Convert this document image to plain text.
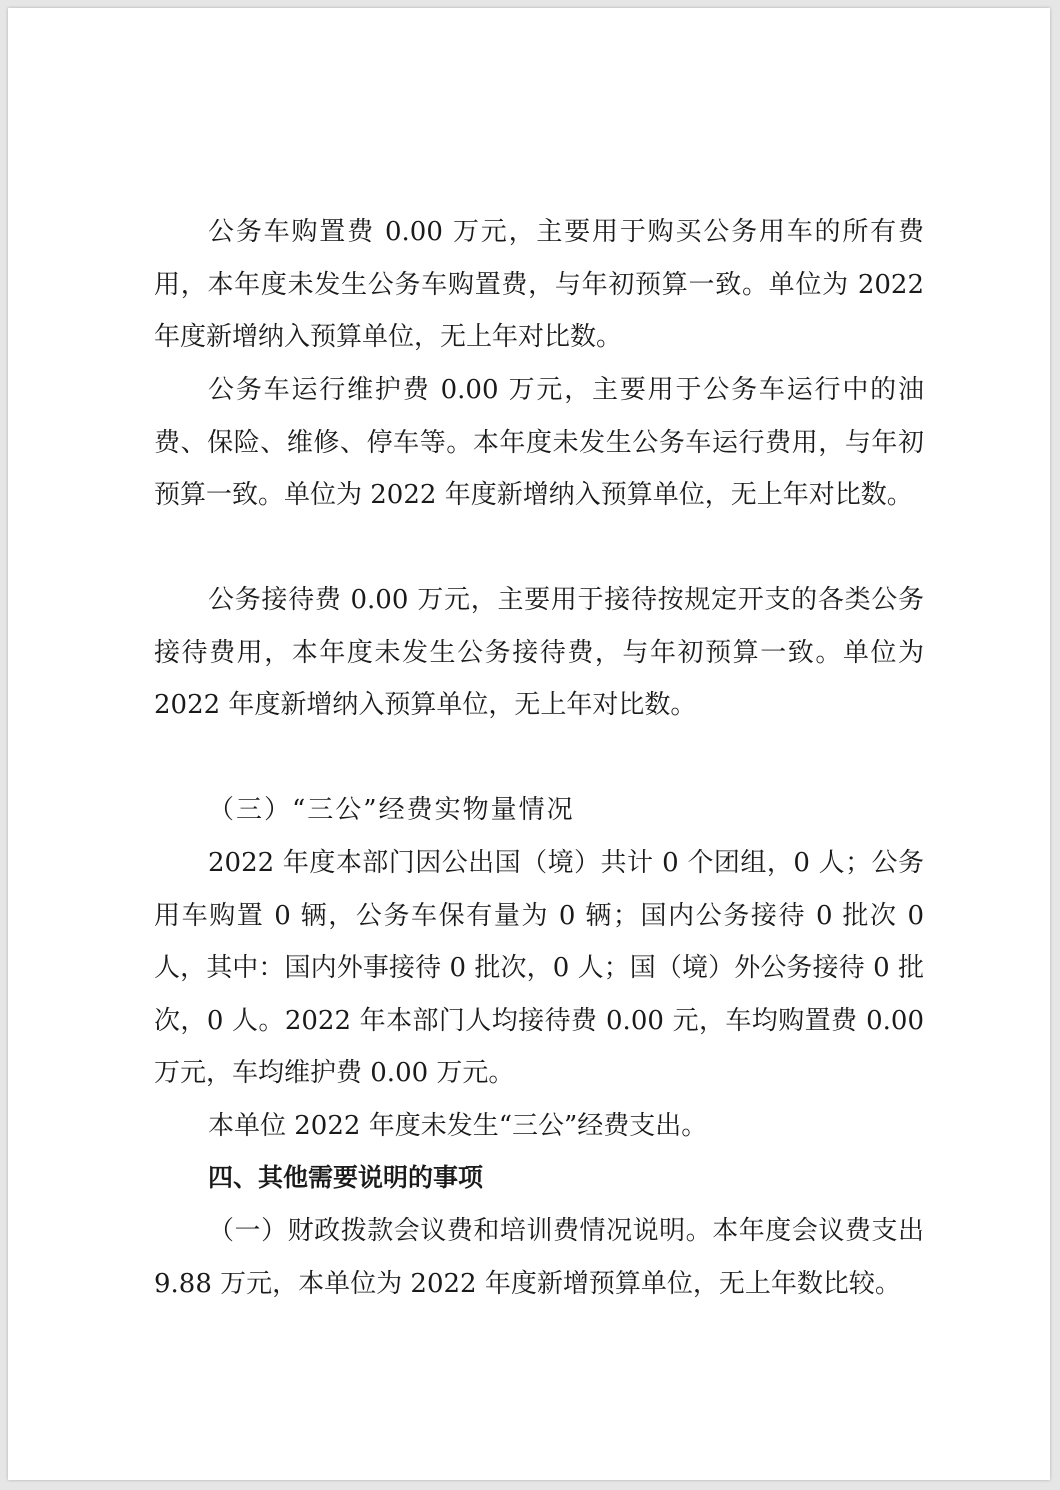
公务车购置费 0.00 万元，主要用于购买公务用车的所有费用，本年度未发生公务车购置费，与年初预算一致。单位为 2022 年度新增纳入预算单位，无上年对比数。

公务车运行维护费 0.00 万元，主要用于公务车运行中的油费、保险、维修、停车等。本年度未发生公务车运行费用，与年初预算一致。单位为 2022 年度新增纳入预算单位，无上年对比数。

公务接待费 0.00 万元，主要用于接待按规定开支的各类公务接待费用，本年度未发生公务接待费，与年初预算一致。单位为 2022 年度新增纳入预算单位，无上年对比数。

（三）“三公”经费实物量情况

2022 年度本部门因公出国（境）共计 0 个团组，0 人；公务用车购置 0 辆，公务车保有量为 0 辆；国内公务接待 0 批次 0 人，其中：国内外事接待 0 批次，0 人；国（境）外公务接待 0 批次，0 人。2022 年本部门人均接待费 0.00 元，车均购置费 0.00 万元，车均维护费 0.00 万元。

本单位 2022 年度未发生“三公”经费支出。

四、其他需要说明的事项

（一）财政拨款会议费和培训费情况说明。本年度会议费支出 9.88 万元，本单位为 2022 年度新增预算单位，无上年数比较。
